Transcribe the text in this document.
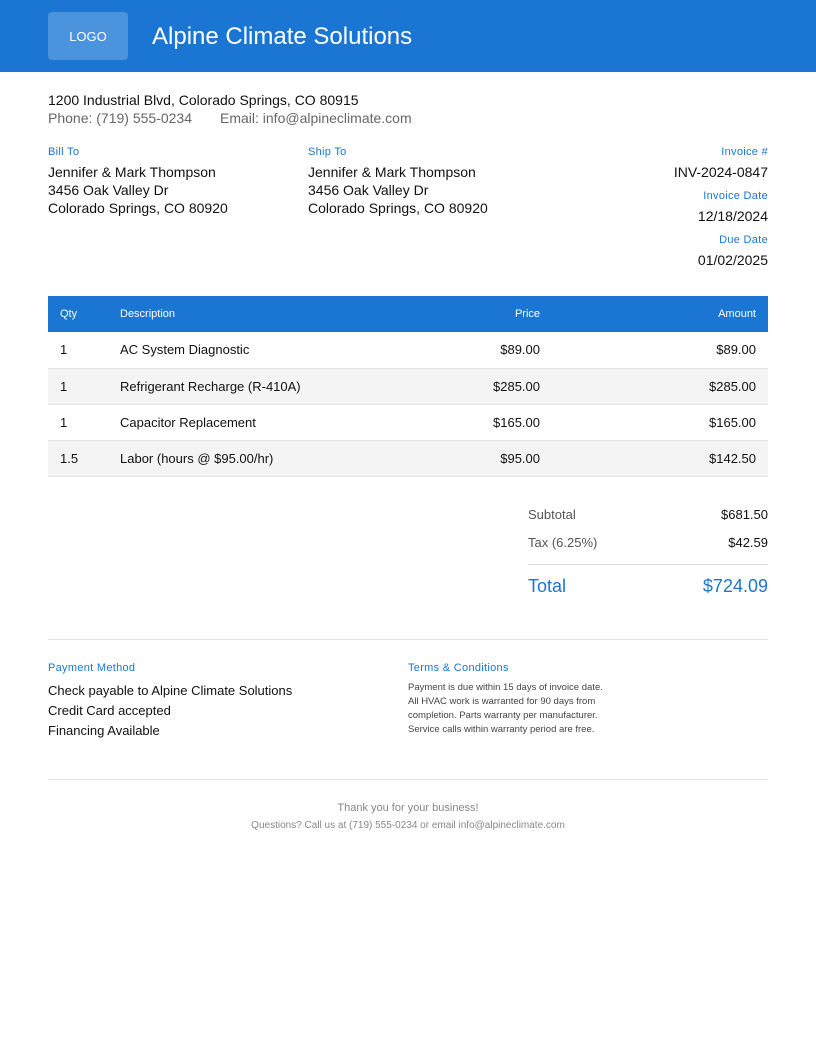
LOGO Alpine Climate Solutions
1200 Industrial Blvd, Colorado Springs, CO 80915
Phone: (719) 555-0234 Email: info@alpineclimate.com
Bill To
Jennifer & Mark Thompson
3456 Oak Valley Dr
Colorado Springs, CO 80920
Ship To
Jennifer & Mark Thompson
3456 Oak Valley Dr
Colorado Springs, CO 80920
Invoice #
INV-2024-0847
Invoice Date
12/18/2024
Due Date
01/02/2025
Qty	Description	Price	Amount
1	AC System Diagnostic	$89.00	$89.00
1	Refrigerant Recharge (R-410A)	$285.00	$285.00
1	Capacitor Replacement	$165.00	$165.00
1.5	Labor (hours @ $95.00/hr)	$95.00	$142.50
Subtotal	$681.50
Tax (6.25%)	$42.59
Total	$724.09
Payment Method
Check payable to Alpine Climate Solutions
Credit Card accepted
Financing Available
Terms & Conditions
Payment is due within 15 days of invoice date.
All HVAC work is warranted for 90 days from
completion. Parts warranty per manufacturer.
Service calls within warranty period are free.
Thank you for your business!
Questions? Call us at (719) 555-0234 or email info@alpineclimate.com
